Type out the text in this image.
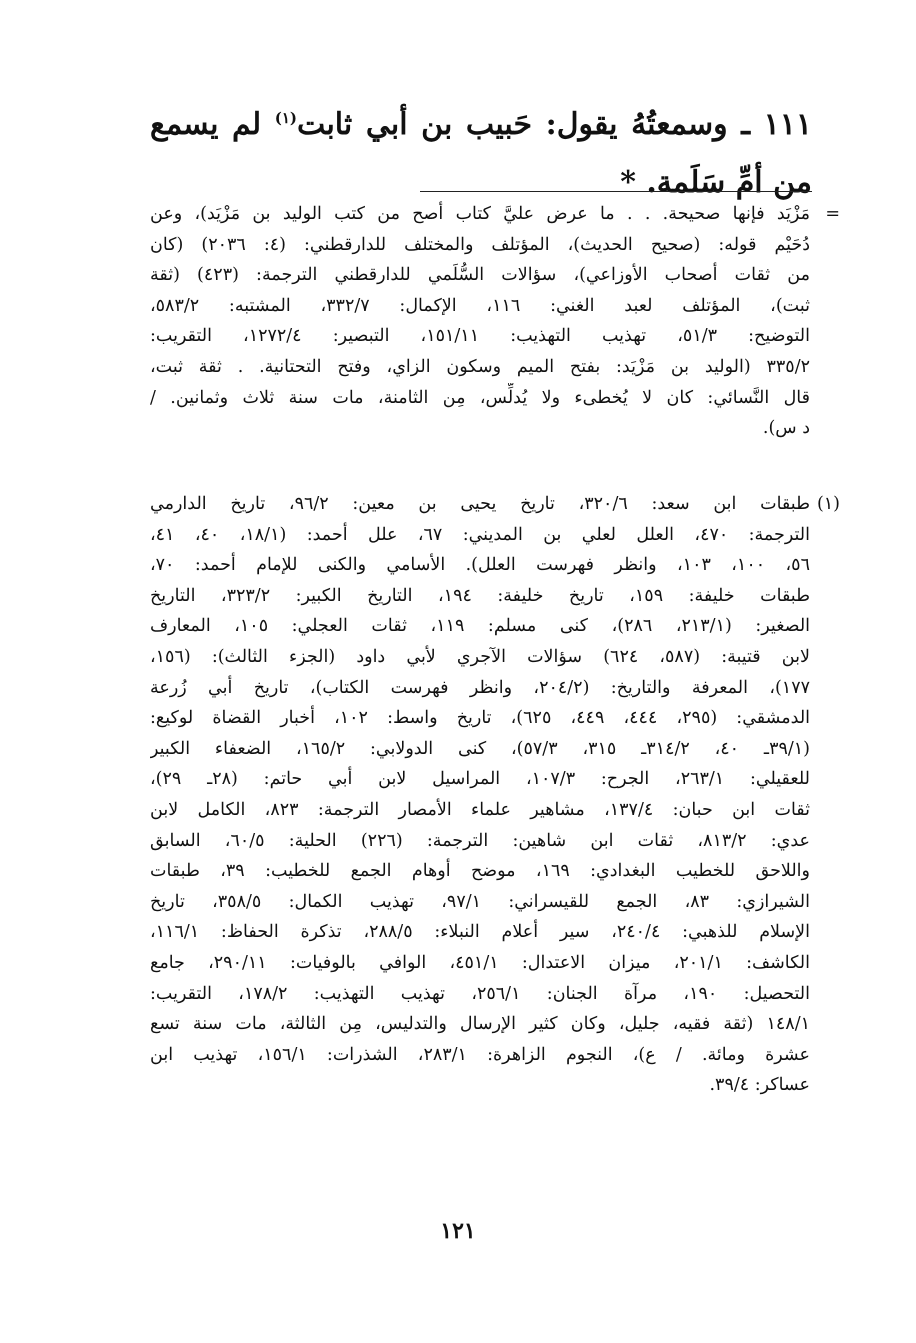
١١١ ـ وسمعتُهُ يقول: حَبيب بن أبي ثابت$^{(١)}$ لم يسمع من أمِّ سَلَمة. *
=
مَزْيَد فإنها صحيحة. . . ما عرض عليَّ كتاب أصح من كتب الوليد بن مَزْيَد)، وعن
دُحَيْم قوله: (صحيح الحديث)، المؤتلف والمختلف للدارقطني: (٤: ٢٠٣٦) (كان
من ثقات أصحاب الأوزاعي)، سؤالات السُّلَمي للدارقطني الترجمة: (٤٢٣) (ثقة
ثبت)، المؤتلف لعبد الغني: ١١٦، الإكمال: ٣٣٢/٧، المشتبه: ٥٨٣/٢،
التوضيح: ٥١/٣، تهذيب التهذيب: ١٥١/١١، التبصير: ١٢٧٢/٤، التقريب:
٣٣٥/٢ (الوليد بن مَزْيَد: بفتح الميم وسكون الزاي، وفتح التحتانية. . ثقة ثبت،
قال النَّسائي: كان لا يُخطىء ولا يُدلِّس، مِن الثامنة، مات سنة ثلاث وثمانين. /
د س).
(١)
طبقات ابن سعد: ٣٢٠/٦، تاريخ يحيى بن معين: ٩٦/٢، تاريخ الدارمي
الترجمة: ٤٧٠، العلل لعلي بن المديني: ٦٧، علل أحمد: (١٨/١، ٤٠، ٤١،
٥٦، ١٠٠، ١٠٣، وانظر فهرست العلل). الأسامي والكنى للإمام أحمد: ٧٠،
طبقات خليفة: ١٥٩، تاريخ خليفة: ١٩٤، التاريخ الكبير: ٣٢٣/٢، التاريخ
الصغير: (٢١٣/١، ٢٨٦)، كنى مسلم: ١١٩، ثقات العجلي: ١٠٥، المعارف
لابن قتيبة: (٥٨٧، ٦٢٤) سؤالات الآجري لأبي داود (الجزء الثالث): (١٥٦،
١٧٧)، المعرفة والتاريخ: (٢٠٤/٢، وانظر فهرست الكتاب)، تاريخ أبي زُرعة
الدمشقي: (٢٩٥، ٤٤٤، ٤٤٩، ٦٢٥)، تاريخ واسط: ١٠٢، أخبار القضاة لوكيع:
(٣٩/١ـ ٤٠، ٣١٤/٢ـ ٣١٥، ٥٧/٣)، كنى الدولابي: ١٦٥/٢، الضعفاء الكبير
للعقيلي: ٢٦٣/١، الجرح: ١٠٧/٣، المراسيل لابن أبي حاتم: (٢٨ـ ٢٩)،
ثقات ابن حبان: ١٣٧/٤، مشاهير علماء الأمصار الترجمة: ٨٢٣، الكامل لابن
عدي: ٨١٣/٢، ثقات ابن شاهين: الترجمة: (٢٢٦) الحلية: ٦٠/٥، السابق
واللاحق للخطيب البغدادي: ١٦٩، موضح أوهام الجمع للخطيب: ٣٩، طبقات
الشيرازي: ٨٣، الجمع للقيسراني: ٩٧/١، تهذيب الكمال: ٣٥٨/٥، تاريخ
الإسلام للذهبي: ٢٤٠/٤، سير أعلام النبلاء: ٢٨٨/٥، تذكرة الحفاظ: ١١٦/١،
الكاشف: ٢٠١/١، ميزان الاعتدال: ٤٥١/١، الوافي بالوفيات: ٢٩٠/١١، جامع
التحصيل: ١٩٠، مرآة الجنان: ٢٥٦/١، تهذيب التهذيب: ١٧٨/٢، التقريب:
١٤٨/١ (ثقة فقيه، جليل، وكان كثير الإرسال والتدليس، مِن الثالثة، مات سنة تسع
عشرة ومائة. / ع)، النجوم الزاهرة: ٢٨٣/١، الشذرات: ١٥٦/١، تهذيب ابن
عساكر: ٣٩/٤.
١٢١
